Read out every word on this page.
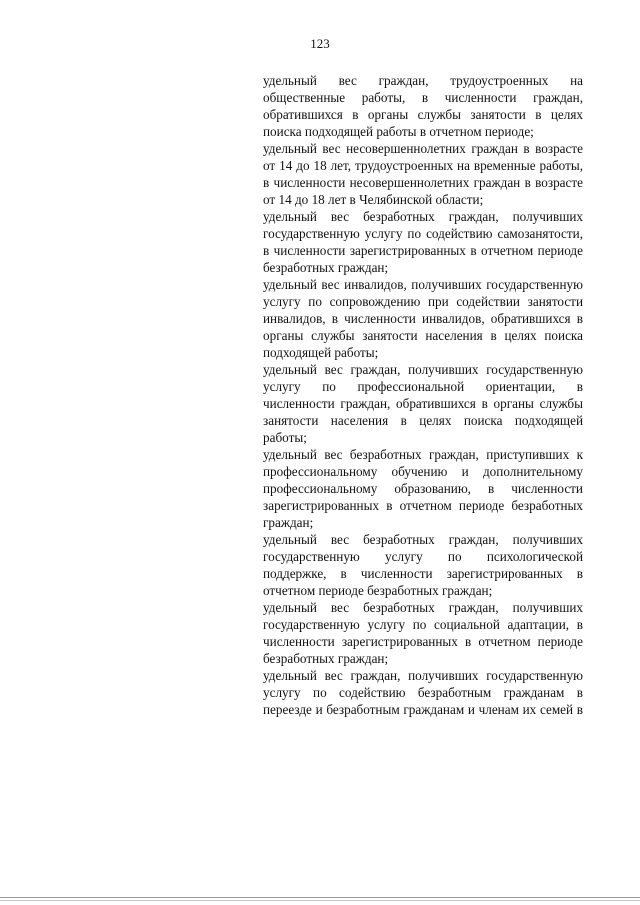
123

удельный вес граждан, трудоустроенных на общественные работы, в численности граждан, обратившихся в органы службы занятости в целях поиска подходящей работы в отчетном периоде;

удельный вес несовершеннолетних граждан в возрасте от 14 до 18 лет, трудоустроенных на временные работы, в численности несовершеннолетних граждан в возрасте от 14 до 18 лет в Челябинской области;

удельный вес безработных граждан, получивших государственную услугу по содействию самозанятости, в численности зарегистрированных в отчетном периоде безработных граждан;

удельный вес инвалидов, получивших государственную услугу по сопровождению при содействии занятости инвалидов, в численности инвалидов, обратившихся в органы службы занятости населения в целях поиска подходящей работы;

удельный вес граждан, получивших государственную услугу по профессиональной ориентации, в численности граждан, обратившихся в органы службы занятости населения в целях поиска подходящей работы;

удельный вес безработных граждан, приступивших к профессиональному обучению и дополнительному профессиональному образованию, в численности зарегистрированных в отчетном периоде безработных граждан;

удельный вес безработных граждан, получивших государственную услугу по психологической поддержке, в численности зарегистрированных в отчетном периоде безработных граждан;

удельный вес безработных граждан, получивших государственную услугу по социальной адаптации, в численности зарегистрированных в отчетном периоде безработных граждан;

удельный вес граждан, получивших государственную услугу по содействию безработным гражданам в переезде и безработным гражданам и членам их семей в
